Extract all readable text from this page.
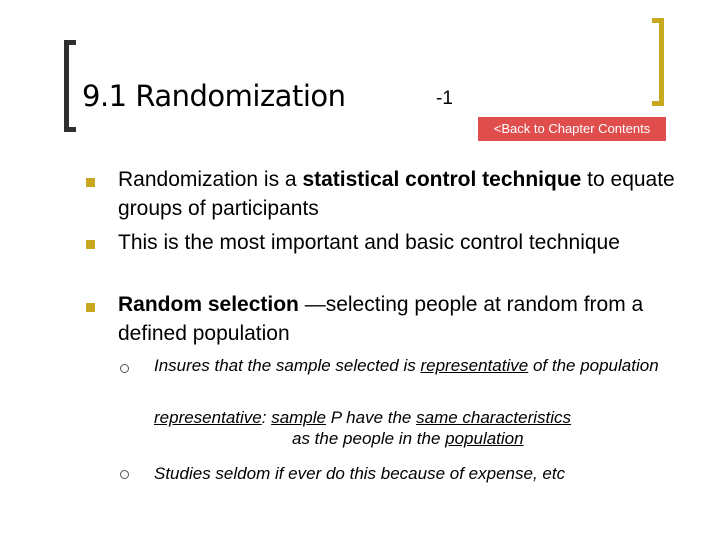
9.1 Randomization	-1
<Back to Chapter Contents
Randomization is a statistical control technique to equate groups of participants
This is the most important and basic control technique
Random selection —selecting people at random from a defined population
Insures that the sample selected is representative of the population
representative: sample P have the same characteristics
as the people in the population
Studies seldom if ever do this because of expense, etc
